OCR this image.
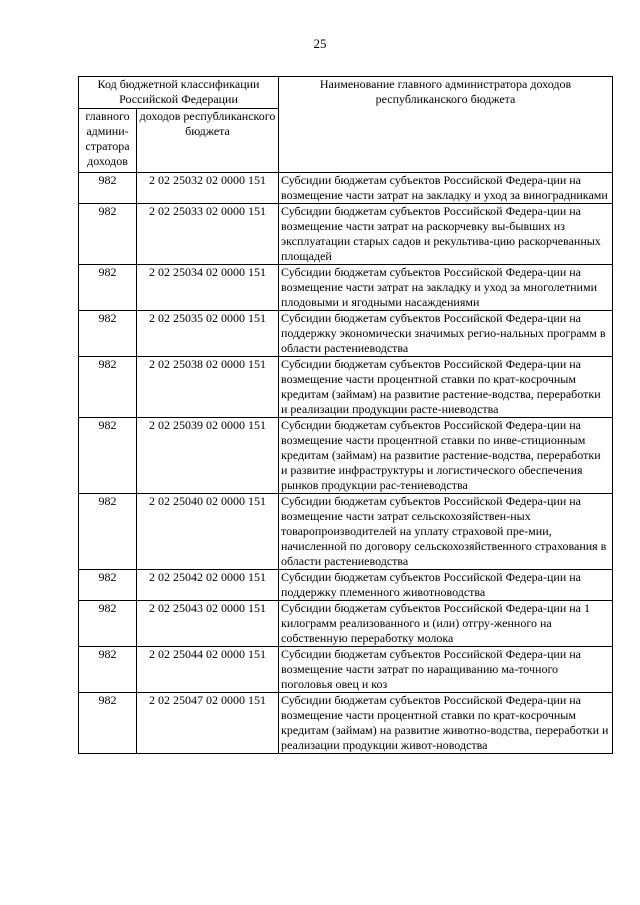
25
Код бюджетной классификации Российской Федерации		Наименование главного администратора доходов республиканского бюджета
главного админи-стратора доходов	доходов республиканского бюджета	
982	2 02 25032 02 0000 151	Субсидии бюджетам субъектов Российской Федера-ции на возмещение части затрат на закладку и уход за виноградниками
982	2 02 25033 02 0000 151	Субсидии бюджетам субъектов Российской Федера-ции на возмещение части затрат на раскорчевку вы-бывших из эксплуатации старых садов и рекультива-цию раскорчеванных площадей
982	2 02 25034 02 0000 151	Субсидии бюджетам субъектов Российской Федера-ции на возмещение части затрат на закладку и уход за многолетними плодовыми и ягодными насаждениями
982	2 02 25035 02 0000 151	Субсидии бюджетам субъектов Российской Федера-ции на поддержку экономически значимых регио-нальных программ в области растениеводства
982	2 02 25038 02 0000 151	Субсидии бюджетам субъектов Российской Федера-ции на возмещение части процентной ставки по крат-косрочным кредитам (займам) на развитие растение-водства, переработки и реализации продукции расте-ниеводства
982	2 02 25039 02 0000 151	Субсидии бюджетам субъектов Российской Федера-ции на возмещение части процентной ставки по инве-стиционным кредитам (займам) на развитие растение-водства, переработки и развитие инфраструктуры и логистического обеспечения рынков продукции рас-тениеводства
982	2 02 25040 02 0000 151	Субсидии бюджетам субъектов Российской Федера-ции на возмещение части затрат сельскохозяйствен-ных товаропроизводителей на уплату страховой пре-мии, начисленной по договору сельскохозяйственного страхования в области растениеводства
982	2 02 25042 02 0000 151	Субсидии бюджетам субъектов Российской Федера-ции на поддержку племенного животноводства
982	2 02 25043 02 0000 151	Субсидии бюджетам субъектов Российской Федера-ции на 1 килограмм реализованного и (или) отгру-женного на собственную переработку молока
982	2 02 25044 02 0000 151	Субсидии бюджетам субъектов Российской Федера-ции на возмещение части затрат по наращиванию ма-точного поголовья овец и коз
982	2 02 25047 02 0000 151	Субсидии бюджетам субъектов Российской Федера-ции на возмещение части процентной ставки по крат-косрочным кредитам (займам) на развитие животно-водства, переработки и реализации продукции живот-новодства
